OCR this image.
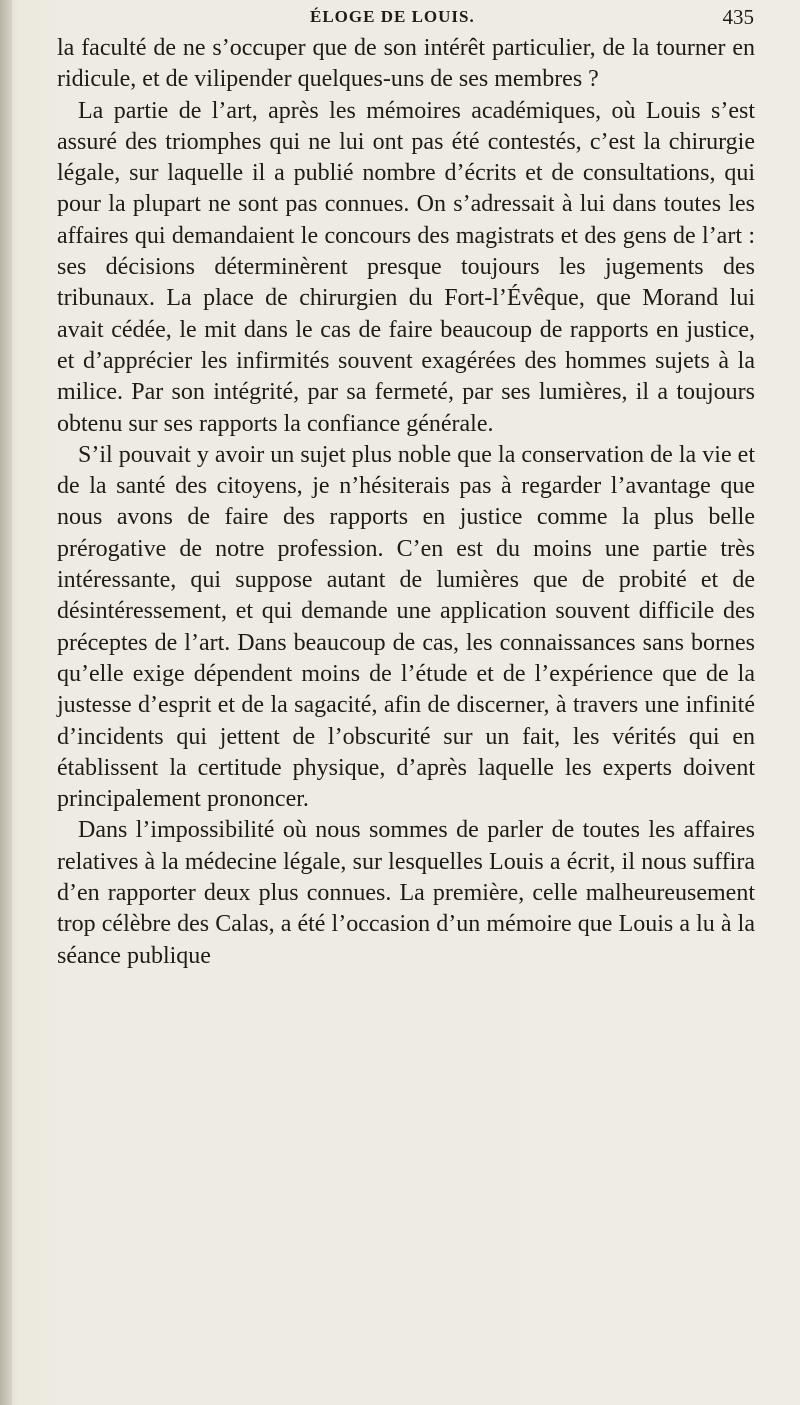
ÉLOGE DE LOUIS.	435

la faculté de ne s’occuper que de son intérêt particulier, de la tourner en ridicule, et de vilipender quelques-uns de ses membres ?

La partie de l’art, après les mémoires académiques, où Louis s’est assuré des triomphes qui ne lui ont pas été contestés, c’est la chirurgie légale, sur laquelle il a publié nombre d’écrits et de consultations, qui pour la plupart ne sont pas connues. On s’adressait à lui dans toutes les affaires qui demandaient le concours des magistrats et des gens de l’art : ses décisions déterminèrent presque toujours les jugements des tribunaux. La place de chirurgien du Fort-l’Évêque, que Morand lui avait cédée, le mit dans le cas de faire beaucoup de rapports en justice, et d’apprécier les infirmités souvent exagérées des hommes sujets à la milice. Par son intégrité, par sa fermeté, par ses lumières, il a toujours obtenu sur ses rapports la confiance générale.

S’il pouvait y avoir un sujet plus noble que la conservation de la vie et de la santé des citoyens, je n’hésiterais pas à regarder l’avantage que nous avons de faire des rapports en justice comme la plus belle prérogative de notre profession. C’en est du moins une partie très intéressante, qui suppose autant de lumières que de probité et de désintéressement, et qui demande une application souvent difficile des préceptes de l’art. Dans beaucoup de cas, les connaissances sans bornes qu’elle exige dépendent moins de l’étude et de l’expérience que de la justesse d’esprit et de la sagacité, afin de discerner, à travers une infinité d’incidents qui jettent de l’obscurité sur un fait, les vérités qui en établissent la certitude physique, d’après laquelle les experts doivent principalement prononcer.

Dans l’impossibilité où nous sommes de parler de toutes les affaires relatives à la médecine légale, sur lesquelles Louis a écrit, il nous suffira d’en rapporter deux plus connues. La première, celle malheureusement trop célèbre des Calas, a été l’occasion d’un mémoire que Louis a lu à la séance publique
